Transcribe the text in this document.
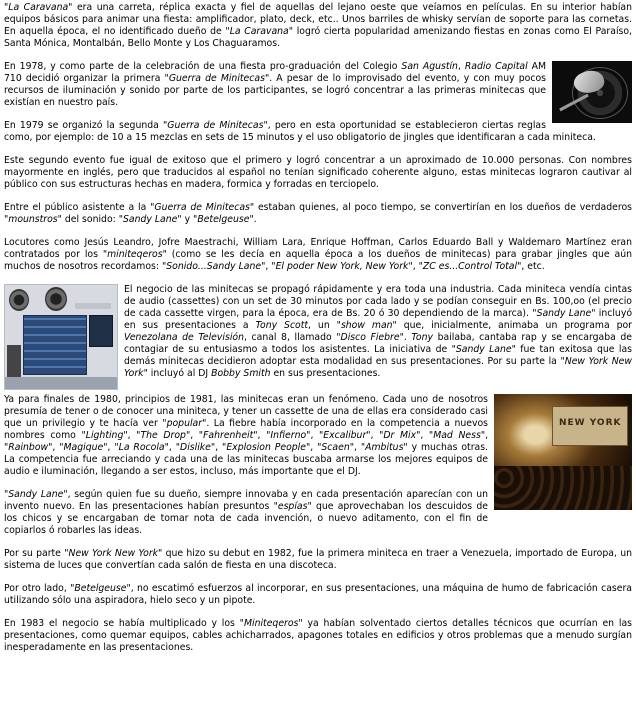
"La Caravana" era una carreta, réplica exacta y fiel de aquellas del lejano oeste que veíamos en películas. En su interior habían equipos básicos para animar una fiesta: amplificador, plato, deck, etc.. Unos barriles de whisky servían de soporte para las cornetas. En aquella época, el no identificado dueño de "La Caravana" logró cierta popularidad amenizando fiestas en zonas como El Paraíso, Santa Mónica, Montalbán, Bello Monte y Los Chaguaramos.

En 1978, y como parte de la celebración de una fiesta pro-graduación del Colegio San Agustín, Radio Capital AM 710 decidió organizar la primera "Guerra de Minitecas". A pesar de lo improvisado del evento, y con muy pocos recursos de iluminación y sonido por parte de los participantes, se logró concentrar a las primeras minitecas que existían en nuestro país.

En 1979 se organizó la segunda "Guerra de Minitecas", pero en esta oportunidad se establecieron ciertas reglas como, por ejemplo: de 10 a 15 mezclas en sets de 15 minutos y el uso obligatorio de jingles que identificaran a cada miniteca.

Este segundo evento fue igual de exitoso que el primero y logró concentrar a un aproximado de 10.000 personas. Con nombres mayormente en inglés, pero que traducidos al español no tenían significado coherente alguno, estas minitecas lograron cautivar al público con sus estructuras hechas en madera, formica y forradas en terciopelo.

Entre el público asistente a la "Guerra de Minitecas" estaban quienes, al poco tiempo, se convertirían en los dueños de verdaderos "mounstros" del sonido: "Sandy Lane" y "Betelgeuse".

Locutores como Jesús Leandro, Jofre Maestrachi, William Lara, Enrique Hoffman, Carlos Eduardo Ball y Waldemaro Martínez eran contratados por los "miniteqeros" (como se les decía en aquella época a los dueños de minitecas) para grabar jingles que aún muchos de nosotros recordamos: "Sonido...Sandy Lane", "El poder New York, New York", "ZC es...Control Total", etc.

El negocio de las minitecas se propagó rápidamente y era toda una industria. Cada miniteca vendía cintas de audio (cassettes) con un set de 30 minutos por cada lado y se podían conseguir en Bs. 100,oo (el precio de cada cassette virgen, para la época, era de Bs. 20 ó 30 dependiendo de la marca). "Sandy Lane" incluyó en sus presentaciones a Tony Scott, un "show man" que, inicialmente, animaba un programa por Venezolana de Televisión, canal 8, llamado "Disco Fiebre". Tony bailaba, cantaba rap y se encargaba de contagiar de su entusiasmo a todos los asistentes. La iniciativa de "Sandy Lane" fue tan exitosa que las demás minitecas decidieron adoptar esta modalidad en sus presentaciones. Por su parte la "New York New York" incluyó al DJ Bobby Smith en sus presentaciones.

NEW YORK

Ya para finales de 1980, principios de 1981, las minitecas eran un fenómeno. Cada uno de nosotros presumía de tener o de conocer una miniteca, y tener un cassette de una de ellas era considerado casi que un privilegio y te hacía ver "popular". La fiebre había incorporado en la competencia a nuevos nombres como "Lighting", "The Drop", "Fahrenheit", "Infierno", "Excalibur", "Dr Mix", "Mad Ness", "Rainbow", "Magique", "La Rocola", "Dislike", "Explosion People", "Scaen", "Ambitus" y muchas otras. La competencia fue arreciando y cada una de las minitecas buscaba armarse los mejores equipos de audio e iluminación, llegando a ser estos, incluso, más importante que el DJ.

"Sandy Lane", según quien fue su dueño, siempre innovaba y en cada presentación aparecían con un invento nuevo. En las presentaciones habían presuntos "espías" que aprovechaban los descuidos de los chicos y se encargaban de tomar nota de cada invención, o nuevo aditamento, con el fin de copiarlos ó robarles las ideas.

Por su parte "New York New York" que hizo su debut en 1982, fue la primera miniteca en traer a Venezuela, importado de Europa, un sistema de luces que convertían cada salón de fiesta en una discoteca.

Por otro lado, "Betelgeuse", no escatimó esfuerzos al incorporar, en sus presentaciones, una máquina de humo de fabricación casera utilizando sólo una aspiradora, hielo seco y un pipote.

En 1983 el negocio se había multiplicado y los "Miniteqeros" ya habían solventado ciertos detalles técnicos que ocurrían en las presentaciones, como quemar equipos, cables achicharrados, apagones totales en edificios y otros problemas que a menudo surgían inesperadamente en las presentaciones.
